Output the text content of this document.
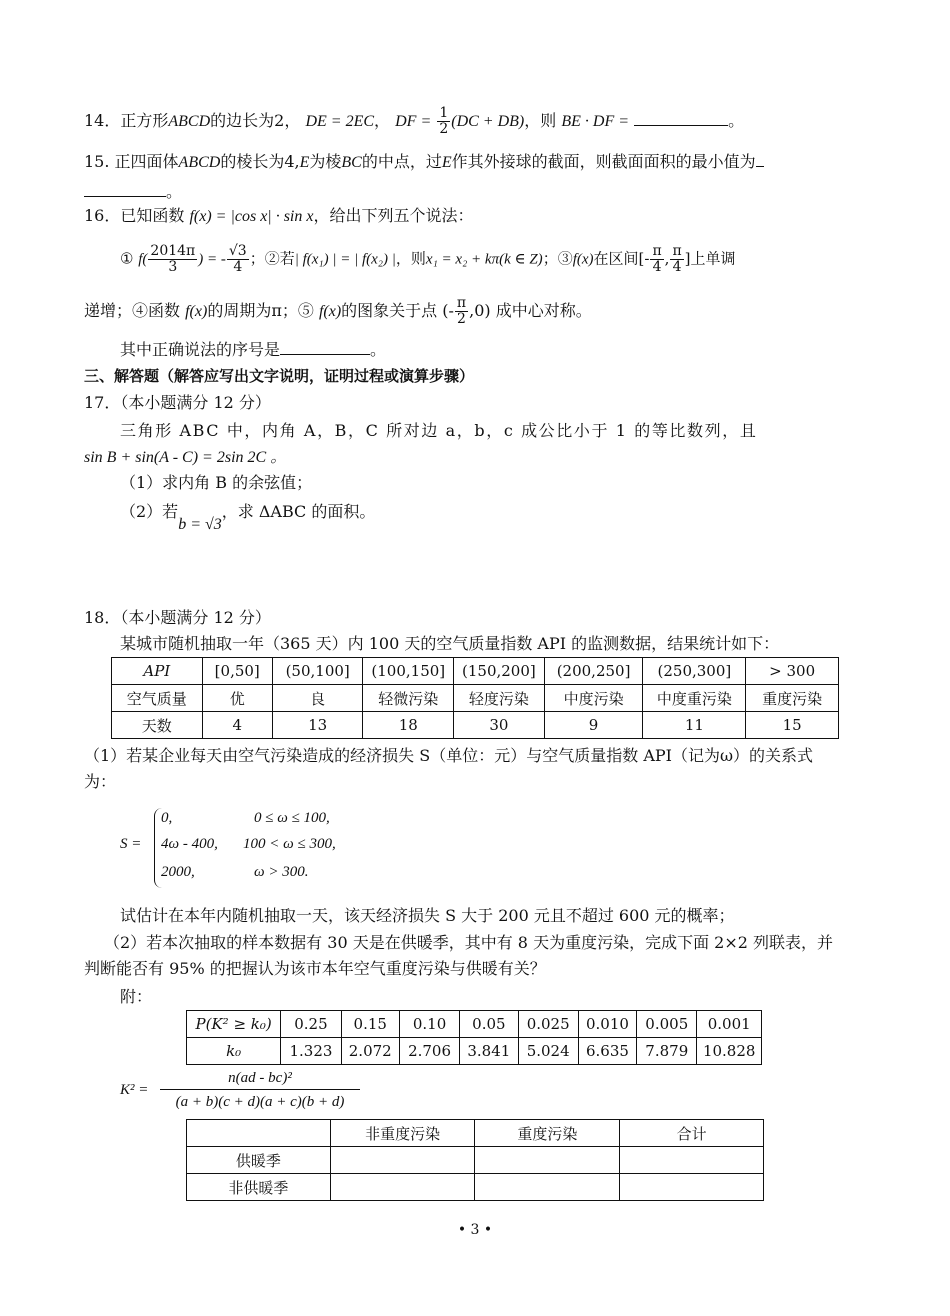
14．正方形ABCD的边长为2， DE = 2EC， DF = $\frac{1}{2} (DC + DB)$，则 BE · DF =	。
15. 正四面体ABCD的棱长为4,E为棱BC的中点，过E作其外接球的截面，则截面面积的最小值为
。
16．已知函数 f(x) = |cos x| · sin x，给出下列五个说法：
① $f( \frac{2014\pi}{3}$ ) = - $\frac{√3}{4}$ ；②若| f(x₁) | = | f(x₂) |，则x₁ = x₂ + kπ(k ∈ Z)；③f(x)在区间[- $\frac{\pi}{4}$ , $\frac{\pi}{4}$ ]上单调
递增；④函数 f(x)的周期为π；⑤ f(x)的图象关于点 (- $\frac{\pi}{2} ,0$) 成中心对称。
其中正确说法的序号是	。
三、解答题（解答应写出文字说明，证明过程或演算步骤）
17．（本小题满分 12 分）
三角形 ABC 中，内角 A，B，C 所对边 a，b，c 成公比小于 1 的等比数列，且
sin B + sin(A - C) = 2sin 2C 。
（1）求内角 B 的余弦值；
（2）若b = √3，求 ΔABC 的面积。
18．（本小题满分 12 分）
某城市随机抽取一年（365 天）内 100 天的空气质量指数 API 的监测数据，结果统计如下：
API	[0,50]	(50,100]	(100,150]	(150,200]	(200,250]	(250,300]	> 300
空气质量	优	良	轻微污染	轻度污染	中度污染	中度重污染	重度污染
天数	4	13	18	30	9	11	15
（1）若某企业每天由空气污染造成的经济损失 S（单位：元）与空气质量指数 API（记为ω）的关系式
为：
S =
0,	0 ≤ ω ≤ 100,
4ω - 400, 100 < ω ≤ 300,
2000,	ω > 300.
试估计在本年内随机抽取一天，该天经济损失 S 大于 200 元且不超过 600 元的概率；
（2）若本次抽取的样本数据有 30 天是在供暖季，其中有 8 天为重度污染，完成下面 2×2 列联表，并
判断能否有 95% 的把握认为该市本年空气重度污染与供暖有关？
附：
P(K² ≥ k₀)	0.25	0.15	0.10	0.05	0.025	0.010	0.005	0.001
k₀	1.323	2.072	2.706	3.841	5.024	6.635	7.879	10.828
K² =
n(ad - bc)²
(a + b)(c + d)(a + c)(b + d)
	非重度污染	重度污染	合计
供暖季			
非供暖季			
• 3 •
